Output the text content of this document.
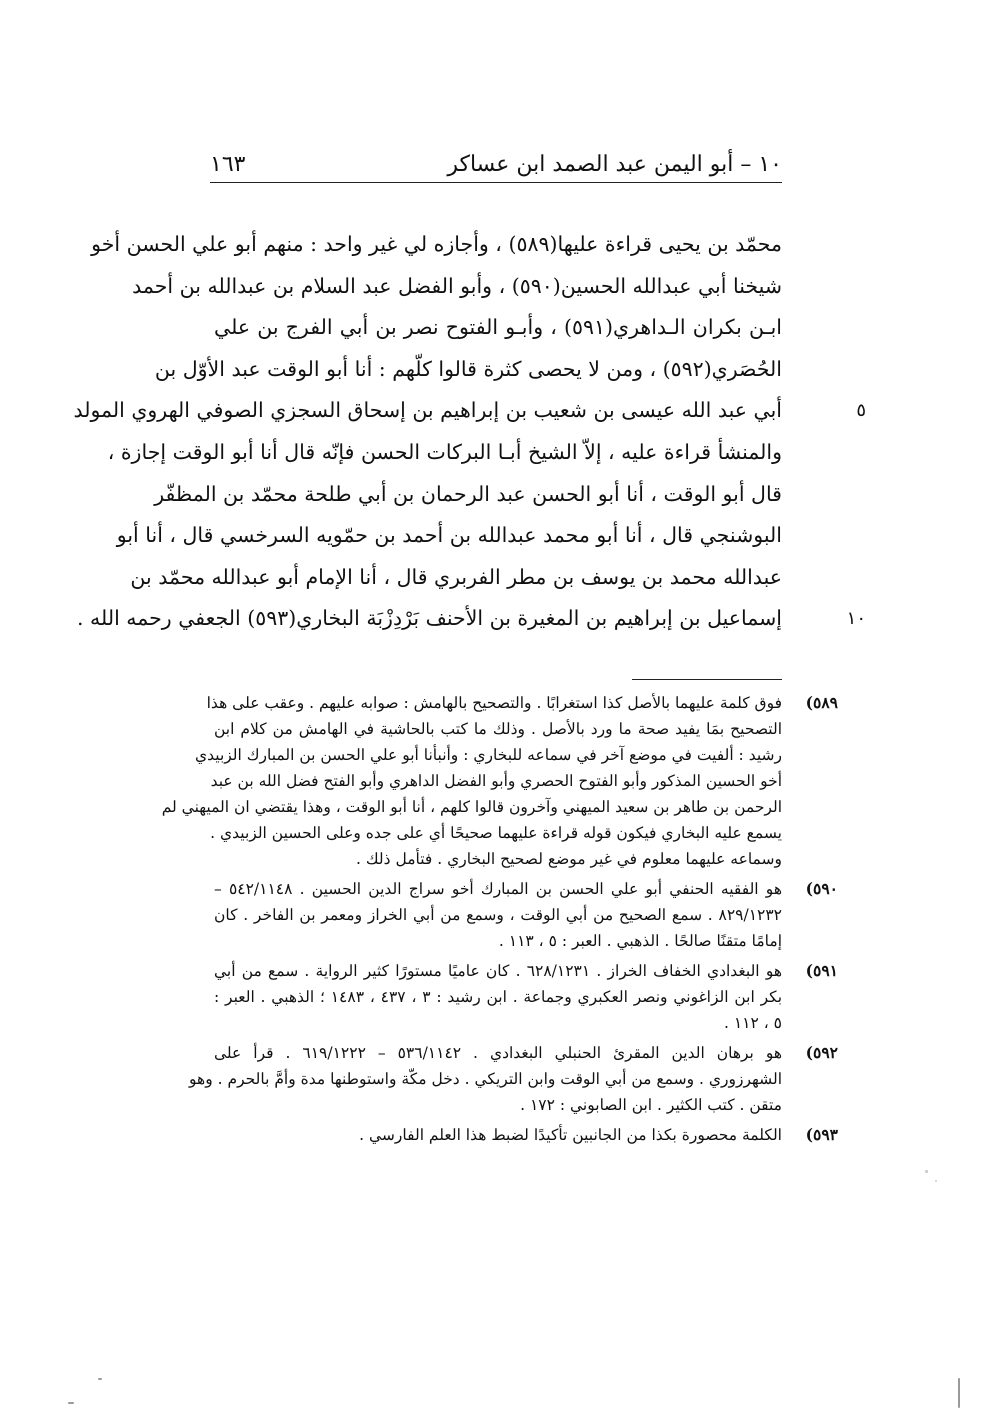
١٠ – أبو اليمن عبد الصمد ابن عساكر
١٦٣
محمّد بن يحيى قراءة عليها(٥٨٩) ، وأجازه لي غير واحد : منهم أبو علي الحسن أخو
شيخنا أبي عبدالله الحسين(٥٩٠) ، وأبو الفضل عبد السلام بن عبدالله بن أحمد
ابـن بكران الـداهري(٥٩١) ، وأبـو الفتوح نصر بن أبي الفرج بن علي
الحُصَري(٥٩٢) ، ومن لا يحصى كثرة قالوا كلّهم : أنا أبو الوقت عبد الأوّل بن
٥
أبي عبد الله عيسى بن شعيب بن إبراهيم بن إسحاق السجزي الصوفي الهروي المولد
والمنشأ قراءة عليه ، إلاّ الشيخ أبـا البركات الحسن فإنّه قال أنا أبو الوقت إجازة ،
قال أبو الوقت ، أنا أبو الحسن عبد الرحمان بن أبي طلحة محمّد بن المظفّر
البوشنجي قال ، أنا أبو محمد عبدالله بن أحمد بن حمّويه السرخسي قال ، أنا أبو
عبدالله محمد بن يوسف بن مطر الفربري قال ، أنا الإمام أبو عبدالله محمّد بن
١٠
إسماعيل بن إبراهيم بن المغيرة بن الأحنف بَرْدِزْبَة البخاري(٥٩٣) الجعفي رحمه الله .
٥٨٩)
فوق كلمة عليهما بالأصل كذا استغرابًا . والتصحيح بالهامش : صوابه عليهم . وعقب على هذا
التصحيح بمَا يفيد صحة ما ورد بالأصل . وذلك ما كتب بالحاشية في الهامش من كلام ابن
رشيد : ألفيت في موضع آخر في سماعه للبخاري : وأنبأنا أبو علي الحسن بن المبارك الزبيدي
أخو الحسين المذكور وأبو الفتوح الحصري وأبو الفضل الداهري وأبو الفتح فضل الله بن عبد
الرحمن بن طاهر بن سعيد الميهني وآخرون قالوا كلهم ، أنا أبو الوقت ، وهذا يقتضي ان الميهني لم
يسمع عليه البخاري فيكون قوله قراءة عليهما صحيحًا أي على جده وعلى الحسين الزبيدي .
وسماعه عليهما معلوم في غير موضع لصحيح البخاري . فتأمل ذلك .
٥٩٠)
هو الفقيه الحنفي أبو علي الحسن بن المبارك أخو سراج الدين الحسين . ٥٤٢/١١٤٨ –
٨٢٩/١٢٣٢ . سمع الصحيح من أبي الوقت ، وسمع من أبي الخراز ومعمر بن الفاخر . كان
إمامًا متقنًا صالحًا . الذهبي . العبر : ٥ ، ١١٣ .
٥٩١)
هو البغدادي الخفاف الخراز . ٦٢٨/١٢٣١ . كان عاميًا مستورًا كثير الرواية . سمع من أبي
بكر ابن الزاغوني ونصر العكبري وجماعة . ابن رشيد : ٣ ، ٤٣٧ ، ١٤٨٣ ؛ الذهبي . العبر :
٥ ، ١١٢ .
٥٩٢)
هو برهان الدين المقرئ الحنبلي البغدادي . ٥٣٦/١١٤٢ – ٦١٩/١٢٢٢ . قرأ على
الشهرزوري . وسمع من أبي الوقت وابن التريكي . دخل مكّة واستوطنها مدة وأمَّ بالحرم . وهو
متقن . كتب الكثير . ابن الصابوني : ١٧٢ .
٥٩٣)
الكلمة محصورة بكذا من الجانبين تأكيدًا لضبط هذا العلم الفارسي .
